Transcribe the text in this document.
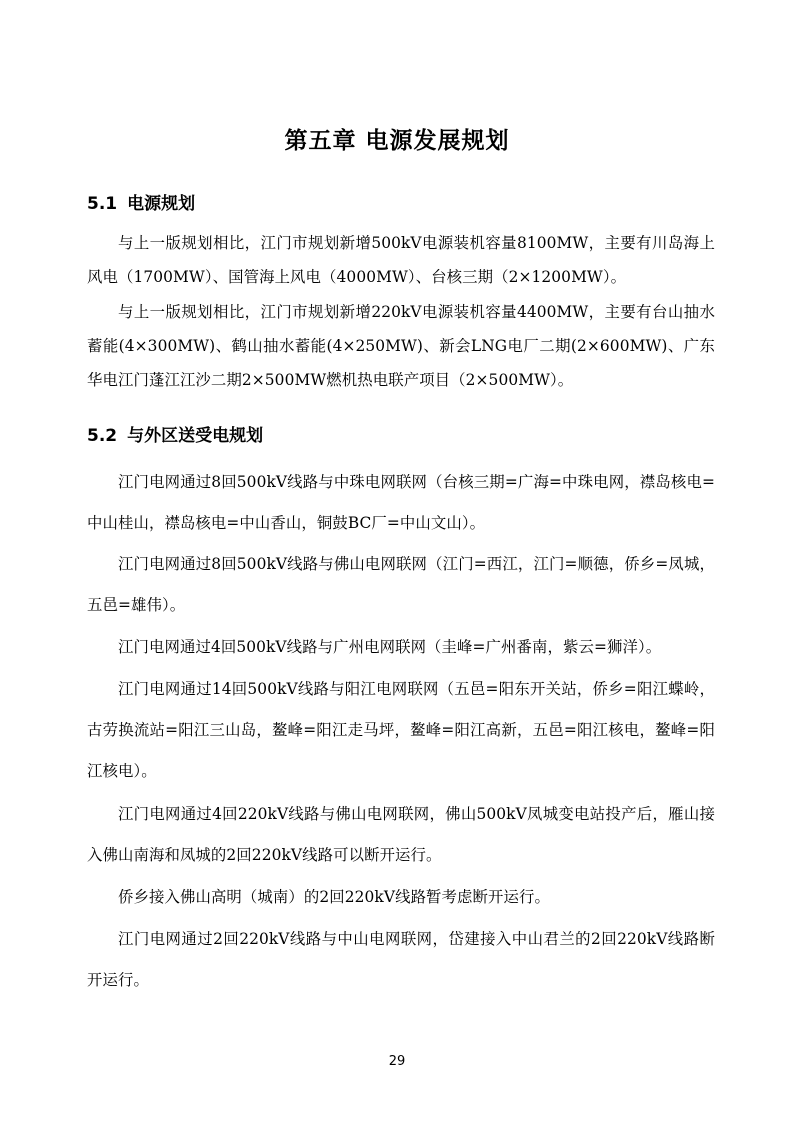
第五章 电源发展规划
5.1 电源规划

与上一版规划相比，江门市规划新增500kV电源装机容量8100MW，主要有川岛海上风电（1700MW）、国管海上风电（4000MW）、台核三期（2×1200MW）。

与上一版规划相比，江门市规划新增220kV电源装机容量4400MW，主要有台山抽水蓄能(4×300MW)、鹤山抽水蓄能(4×250MW)、新会LNG电厂二期(2×600MW)、广东华电江门蓬江江沙二期2×500MW燃机热电联产项目（2×500MW）。

5.2 与外区送受电规划

江门电网通过8回500kV线路与中珠电网联网（台核三期=广海=中珠电网，襟岛核电=中山桂山，襟岛核电=中山香山，铜鼓BC厂=中山文山）。

江门电网通过8回500kV线路与佛山电网联网（江门=西江，江门=顺德，侨乡=凤城，五邑=雄伟）。

江门电网通过4回500kV线路与广州电网联网（圭峰=广州番南，紫云=狮洋）。

江门电网通过14回500kV线路与阳江电网联网（五邑=阳东开关站，侨乡=阳江蝶岭，古劳换流站=阳江三山岛，鳌峰=阳江走马坪，鳌峰=阳江高新，五邑=阳江核电，鳌峰=阳江核电）。

江门电网通过4回220kV线路与佛山电网联网，佛山500kV凤城变电站投产后，雁山接入佛山南海和凤城的2回220kV线路可以断开运行。

侨乡接入佛山高明（城南）的2回220kV线路暂考虑断开运行。

江门电网通过2回220kV线路与中山电网联网，岱建接入中山君兰的2回220kV线路断开运行。

29
